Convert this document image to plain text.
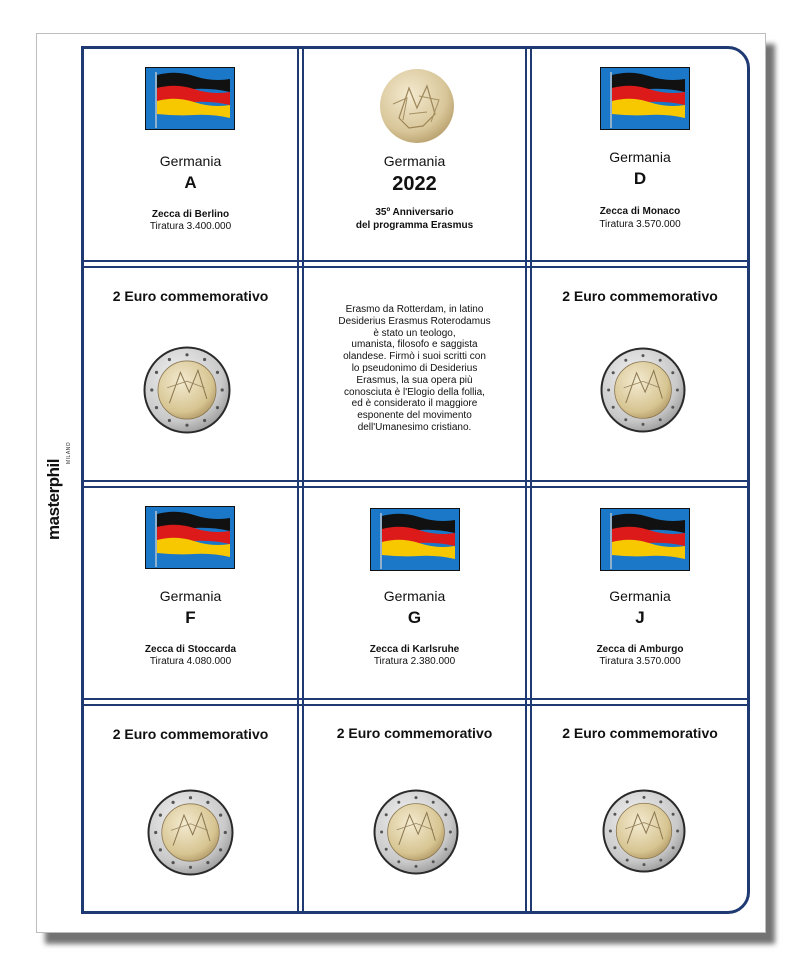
masterphil
MILANO
Germania
A
Zecca di Berlino
Tiratura 3.400.000
Germania
2022
35º Anniversario
del programma Erasmus
Germania
D
Zecca di Monaco
Tiratura 3.570.000
2 Euro commemorativo
Erasmo da Rotterdam, in latino
Desiderius Erasmus Roterodamus
è stato un teologo,
umanista, filosofo e saggista
olandese. Firmò i suoi scritti con
lo pseudonimo di Desiderius
Erasmus, la sua opera più
conosciuta è l'Elogio della follia,
ed è considerato il maggiore
esponente del movimento
dell'Umanesimo cristiano.
2 Euro commemorativo
Germania
F
Zecca di Stoccarda
Tiratura 4.080.000
Germania
G
Zecca di Karlsruhe
Tiratura 2.380.000
Germania
J
Zecca di Amburgo
Tiratura 3.570.000
2 Euro commemorativo	2 Euro commemorativo	2 Euro commemorativo
